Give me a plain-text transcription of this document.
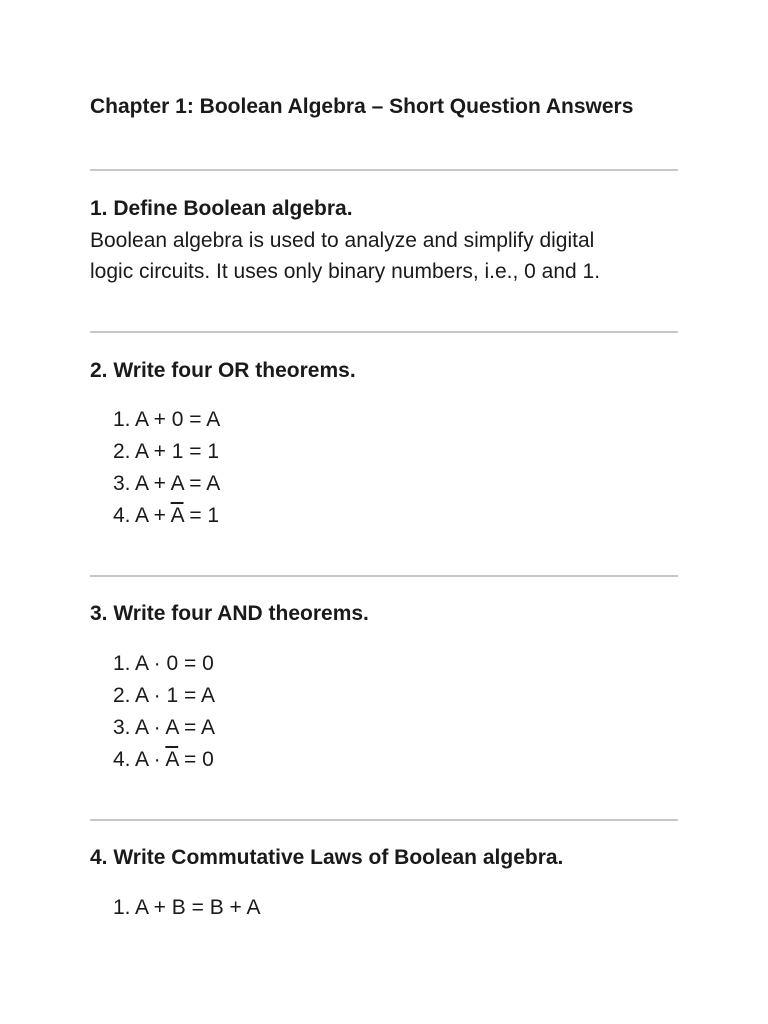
Chapter 1: Boolean Algebra – Short Question Answers
1. Define Boolean algebra.
Boolean algebra is used to analyze and simplify digital
logic circuits. It uses only binary numbers, i.e., 0 and 1.
2. Write four OR theorems.
1. A + 0 = A
2. A + 1 = 1
3. A + A = A
4. $A + \overline{A} = 1$
3. Write four AND theorems.
1. A · 0 = 0
2. A · 1 = A
3. A · A = A
4. $A \cdot \overline{A} = 0$
4. Write Commutative Laws of Boolean algebra.
1. A + B = B + A
